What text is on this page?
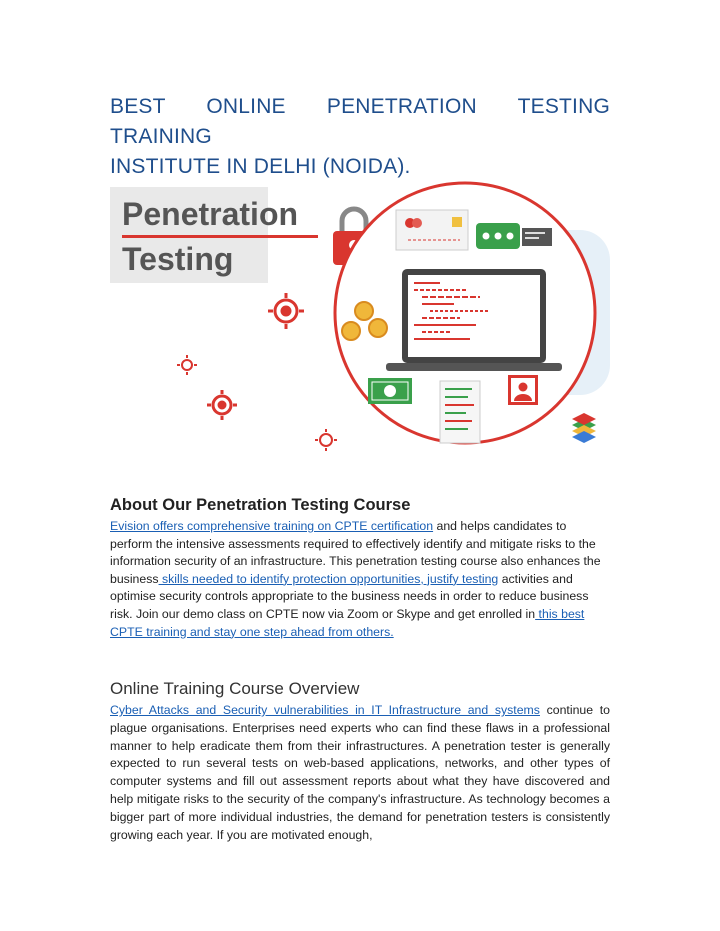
BEST ONLINE PENETRATION TESTING TRAINING
INSTITUTE IN DELHI (NOIDA).
Penetration
Testing
About Our Penetration Testing Course

Evision offers comprehensive training on CPTE certification and helps candidates to perform the intensive assessments required to effectively identify and mitigate risks to the information security of an infrastructure. This penetration testing course also enhances the business skills needed to identify protection opportunities, justify testing activities and optimise security controls appropriate to the business needs in order to reduce business risk. Join our demo class on CPTE now via Zoom or Skype and get enrolled in this best CPTE training and stay one step ahead from others.

Online Training Course Overview

Cyber Attacks and Security vulnerabilities in IT Infrastructure and systems continue to plague organisations. Enterprises need experts who can find these flaws in a professional manner to help eradicate them from their infrastructures. A penetration tester is generally expected to run several tests on web-based applications, networks, and other types of computer systems and fill out assessment reports about what they have discovered and help mitigate risks to the security of the company's infrastructure. As technology becomes a bigger part of more individual industries, the demand for penetration testers is consistently growing each year. If you are motivated enough,
